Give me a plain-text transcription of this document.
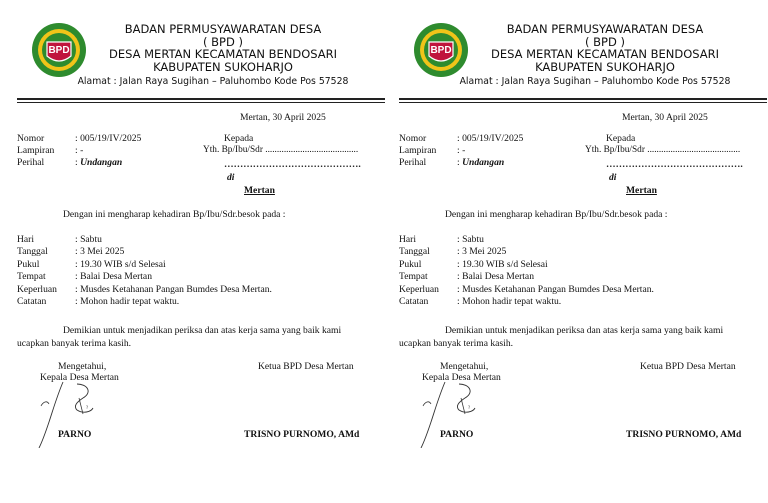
BPD
BADAN PERMUSYAWARATAN DESA
( BPD )
DESA MERTAN KECAMATAN BENDOSARI
KABUPATEN SUKOHARJO
Alamat : Jalan Raya Sugihan – Paluhombo Kode Pos 57528
Mertan, 30 April 2025
Nomor	: 005/19/IV/2025
Lampiran : -
Perihal	: Undangan
Kepada
Yth. Bp/Ibu/Sdr ........................................
…………………………………….
di
Mertan
Dengan ini mengharap kehadiran Bp/Ibu/Sdr.besok pada :
Hari	: Sabtu
Tanggal	: 3 Mei 2025
Pukul	: 19.30 WIB s/d Selesai
Tempat	: Balai Desa Mertan
Keperluan : Musdes Ketahanan Pangan Bumdes Desa Mertan.
Catatan	: Mohon hadir tepat waktu.
Demikian untuk menjadikan periksa dan atas kerja sama yang baik kami
ucapkan banyak terima kasih.
Mengetahui,
Kepala Desa Mertan
Ketua BPD Desa Mertan
?
PARNO	TRISNO PURNOMO, AMd
BPD
BADAN PERMUSYAWARATAN DESA
( BPD )
DESA MERTAN KECAMATAN BENDOSARI
KABUPATEN SUKOHARJO
Alamat : Jalan Raya Sugihan – Paluhombo Kode Pos 57528
Mertan, 30 April 2025
Nomor	: 005/19/IV/2025
Lampiran : -
Perihal	: Undangan
Kepada
Yth. Bp/Ibu/Sdr ........................................
…………………………………….
di
Mertan
Dengan ini mengharap kehadiran Bp/Ibu/Sdr.besok pada :
Hari	: Sabtu
Tanggal	: 3 Mei 2025
Pukul	: 19.30 WIB s/d Selesai
Tempat	: Balai Desa Mertan
Keperluan : Musdes Ketahanan Pangan Bumdes Desa Mertan.
Catatan	: Mohon hadir tepat waktu.
Demikian untuk menjadikan periksa dan atas kerja sama yang baik kami
ucapkan banyak terima kasih.
Mengetahui,
Kepala Desa Mertan
Ketua BPD Desa Mertan
?
PARNO	TRISNO PURNOMO, AMd
